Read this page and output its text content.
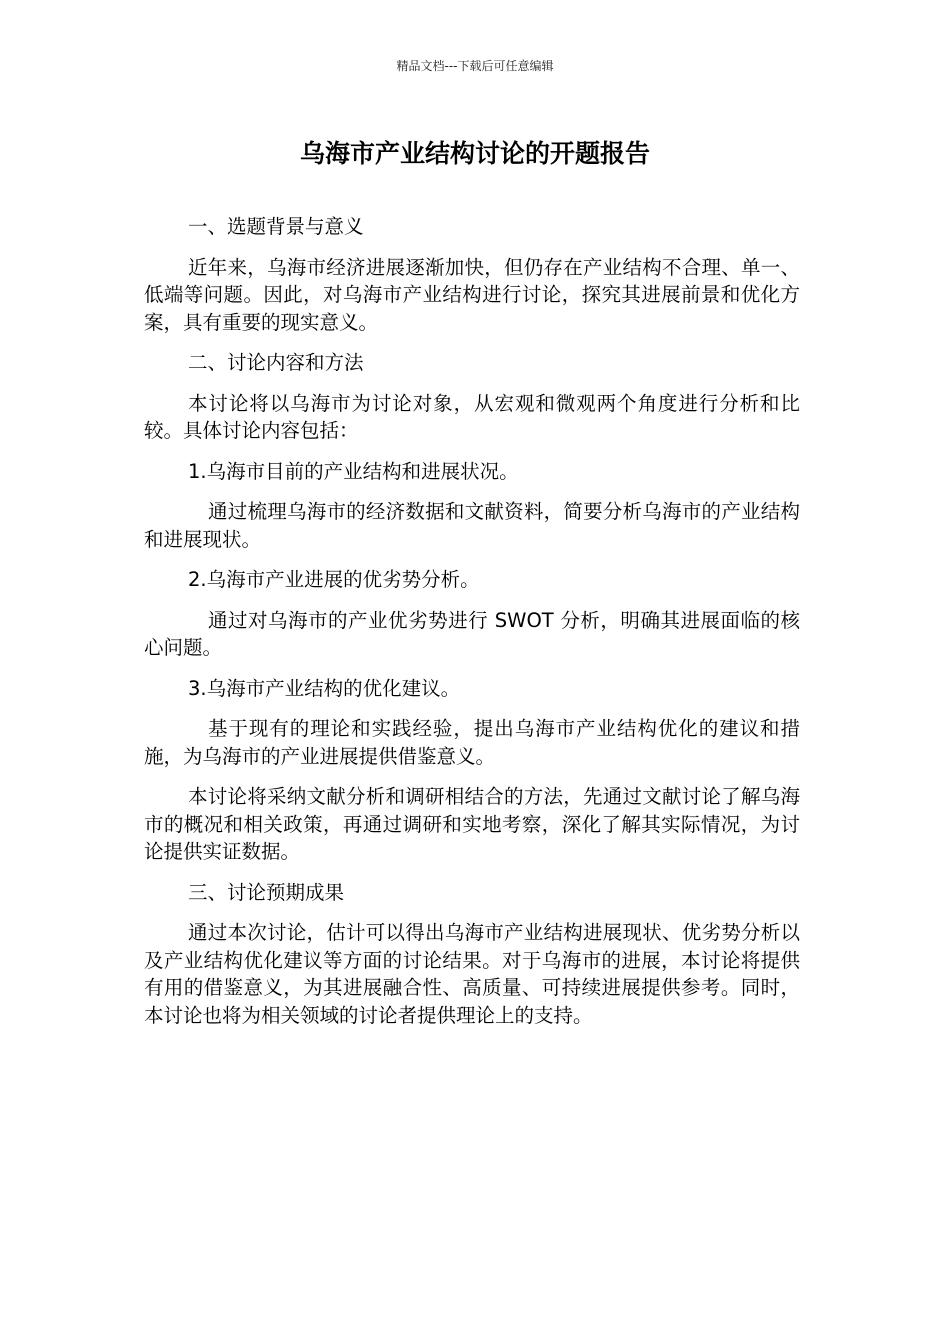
精品文档---下载后可任意编辑
乌海市产业结构讨论的开题报告

一、选题背景与意义

近年来，乌海市经济进展逐渐加快，但仍存在产业结构不合理、单一、低端等问题。因此，对乌海市产业结构进行讨论，探究其进展前景和优化方案，具有重要的现实意义。

二、讨论内容和方法

本讨论将以乌海市为讨论对象，从宏观和微观两个角度进行分析和比较。具体讨论内容包括：

1.乌海市目前的产业结构和进展状况。

通过梳理乌海市的经济数据和文献资料，简要分析乌海市的产业结构和进展现状。

2.乌海市产业进展的优劣势分析。

通过对乌海市的产业优劣势进行 SWOT 分析，明确其进展面临的核心问题。

3.乌海市产业结构的优化建议。

基于现有的理论和实践经验，提出乌海市产业结构优化的建议和措施，为乌海市的产业进展提供借鉴意义。

本讨论将采纳文献分析和调研相结合的方法，先通过文献讨论了解乌海市的概况和相关政策，再通过调研和实地考察，深化了解其实际情况，为讨论提供实证数据。

三、讨论预期成果

通过本次讨论，估计可以得出乌海市产业结构进展现状、优劣势分析以及产业结构优化建议等方面的讨论结果。对于乌海市的进展，本讨论将提供有用的借鉴意义，为其进展融合性、高质量、可持续进展提供参考。同时，本讨论也将为相关领域的讨论者提供理论上的支持。
